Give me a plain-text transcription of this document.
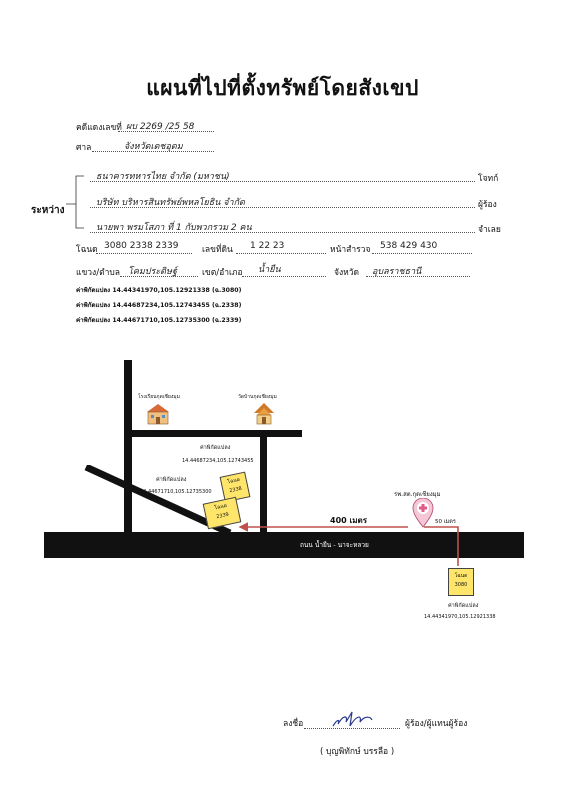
แผนที่ไปที่ตั้งทรัพย์โดยสังเขป
คดีแดงเลขที่ ผบ 2269 /25 58
ศาล	จังหวัดเดชอุดม
ระหว่าง
ธนาคารทหารไทย จำกัด (มหาชน)	โจทก์
บริษัท บริหารสินทรัพย์พหลโยธิน จำกัด	ผู้ร้อง
นายพา พรมโสภา ที่ 1 กับพวกรวม 2 คน	จำเลย
โฉนด 3080 2338 2339	เลขที่ดิน 1 22 23	หน้าสำรวจ 538 429 430
แขวง/ตำบล โคมประดิษฐ์	เขต/อำเภอ น้ำยืน	จังหวัด อุบลราชธานี
ค่าพิกัดแปลง 14.44341970,105.12921338 (ฉ.3080)
ค่าพิกัดแปลง 14.44687234,105.12743455 (ฉ.2338)
ค่าพิกัดแปลง 14.44671710,105.12735300 (ฉ.2339)
ถนน น้ำยืน - นาจะหลวย
โรงเรียนกุดเชียงมุม	วัดบ้านกุดเชียงมุม
ค่าพิกัดแปลง
14.44687234,105.12743455
ค่าพิกัดแปลง
14.44671710,105.12735300
โฉนด
2338
โฉนด
2339
400 เมตร	50 เมตร
รพ.สต.กุดเชียงมุม
โฉนด
3080
ค่าพิกัดแปลง
14.44341970,105.12921338
ลงชื่อ	ผู้ร้อง/ผู้แทนผู้ร้อง
( บุญพิทักษ์ บรรลือ )
